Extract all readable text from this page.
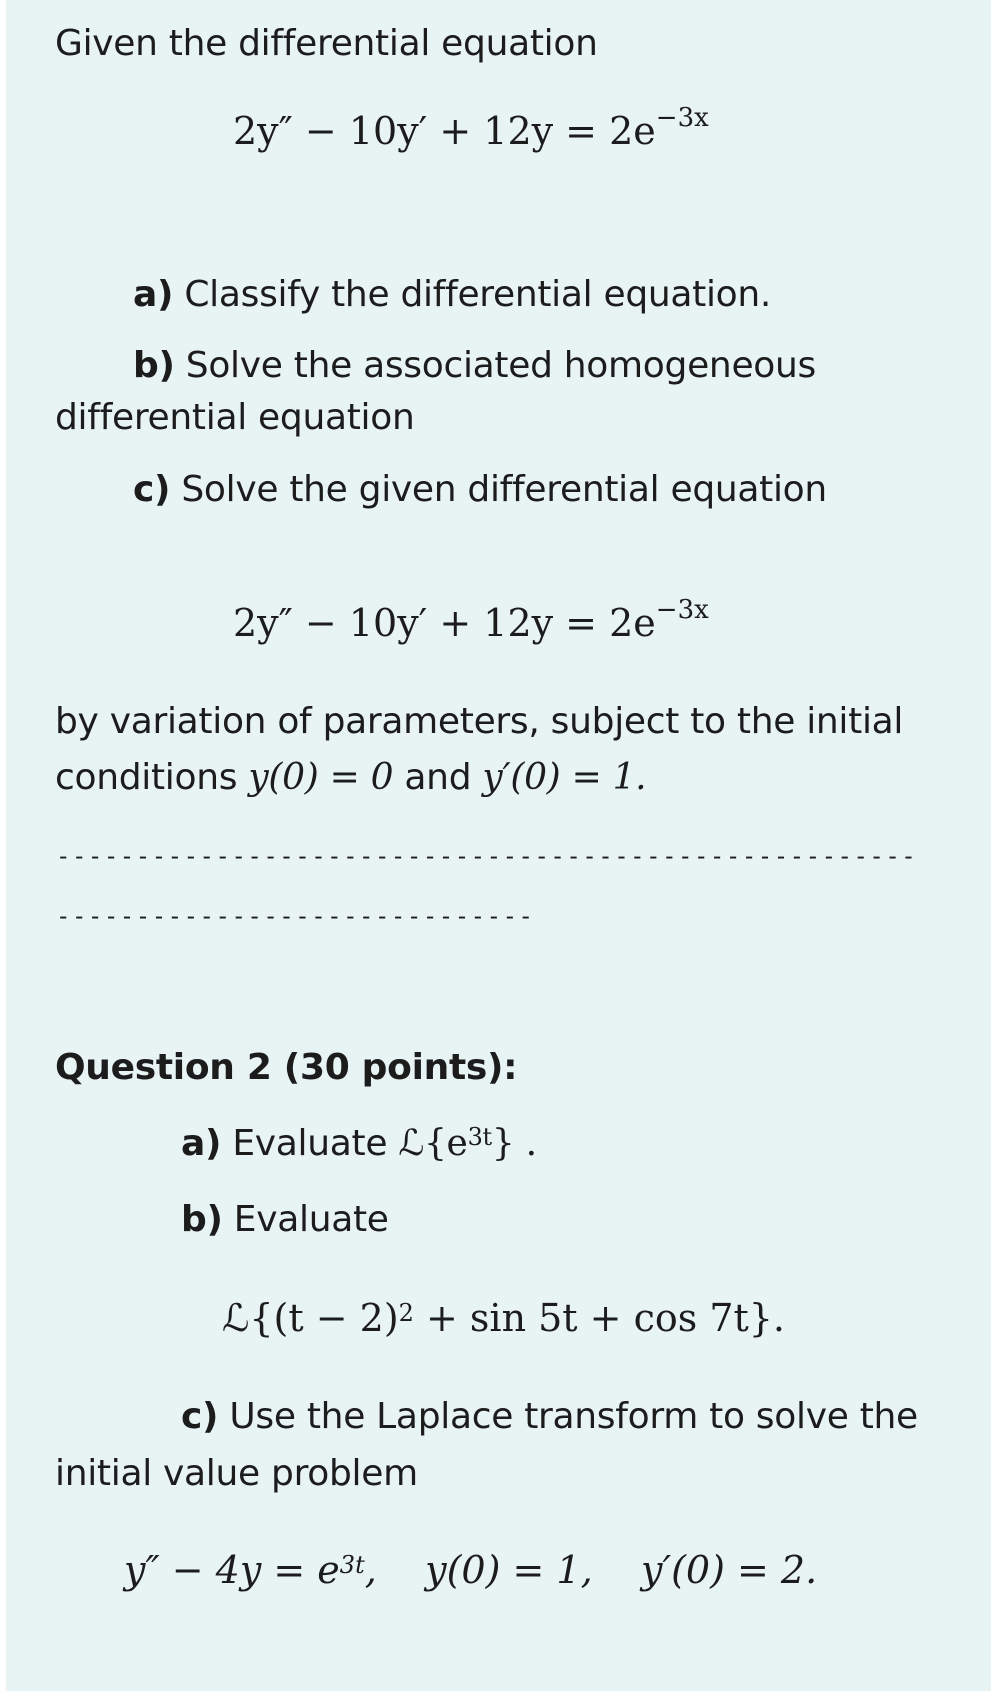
Given the differential equation
$2y'' - 10y' + 12y = 2e^{-3x}$
a) Classify the differential equation.
b) Solve the associated homogeneous
differential equation
c) Solve the given differential equation
$2y'' - 10y' + 12y = 2e^{-3x}$
by variation of parameters, subject to the initial
conditions y(0) = 0 and y′(0) = 1.
------------------------------------------------------
------------------------------
Question 2 (30 points):
a) Evaluate $ℒ\{e^{3t}\}$ .
b) Evaluate
ℒ{(t − 2)$^2$ + sin 5t + cos 7t}.
c) Use the Laplace transform to solve the
initial value problem
$y'' - 4y = e^{3t}$,    y(0) = 1,    y′(0) = 2.
